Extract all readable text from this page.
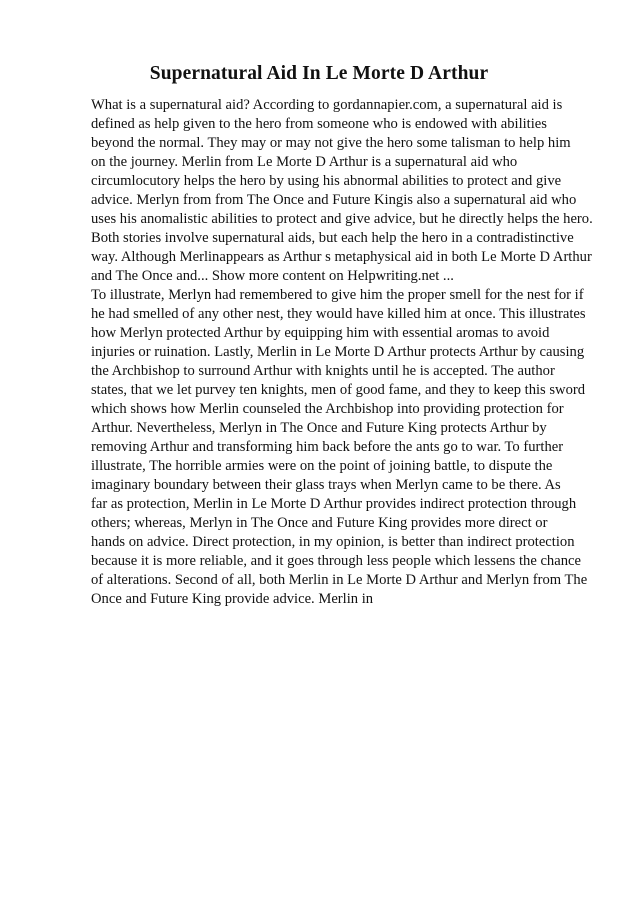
Supernatural Aid In Le Morte D Arthur
What is a supernatural aid? According to gordannapier.com, a supernatural aid is
defined as help given to the hero from someone who is endowed with abilities
beyond the normal. They may or may not give the hero some talisman to help him
on the journey. Merlin from Le Morte D Arthur is a supernatural aid who
circumlocutory helps the hero by using his abnormal abilities to protect and give
advice. Merlyn from from The Once and Future Kingis also a supernatural aid who
uses his anomalistic abilities to protect and give advice, but he directly helps the hero.
Both stories involve supernatural aids, but each help the hero in a contradistinctive
way. Although Merlinappears as Arthur s metaphysical aid in both Le Morte D Arthur
and The Once and... Show more content on Helpwriting.net ...
To illustrate, Merlyn had remembered to give him the proper smell for the nest for if
he had smelled of any other nest, they would have killed him at once. This illustrates
how Merlyn protected Arthur by equipping him with essential aromas to avoid
injuries or ruination. Lastly, Merlin in Le Morte D Arthur protects Arthur by causing
the Archbishop to surround Arthur with knights until he is accepted. The author
states, that we let purvey ten knights, men of good fame, and they to keep this sword
which shows how Merlin counseled the Archbishop into providing protection for
Arthur. Nevertheless, Merlyn in The Once and Future King protects Arthur by
removing Arthur and transforming him back before the ants go to war. To further
illustrate, The horrible armies were on the point of joining battle, to dispute the
imaginary boundary between their glass trays when Merlyn came to be there. As
far as protection, Merlin in Le Morte D Arthur provides indirect protection through
others; whereas, Merlyn in The Once and Future King provides more direct or
hands on advice. Direct protection, in my opinion, is better than indirect protection
because it is more reliable, and it goes through less people which lessens the chance
of alterations. Second of all, both Merlin in Le Morte D Arthur and Merlyn from The
Once and Future King provide advice. Merlin in
